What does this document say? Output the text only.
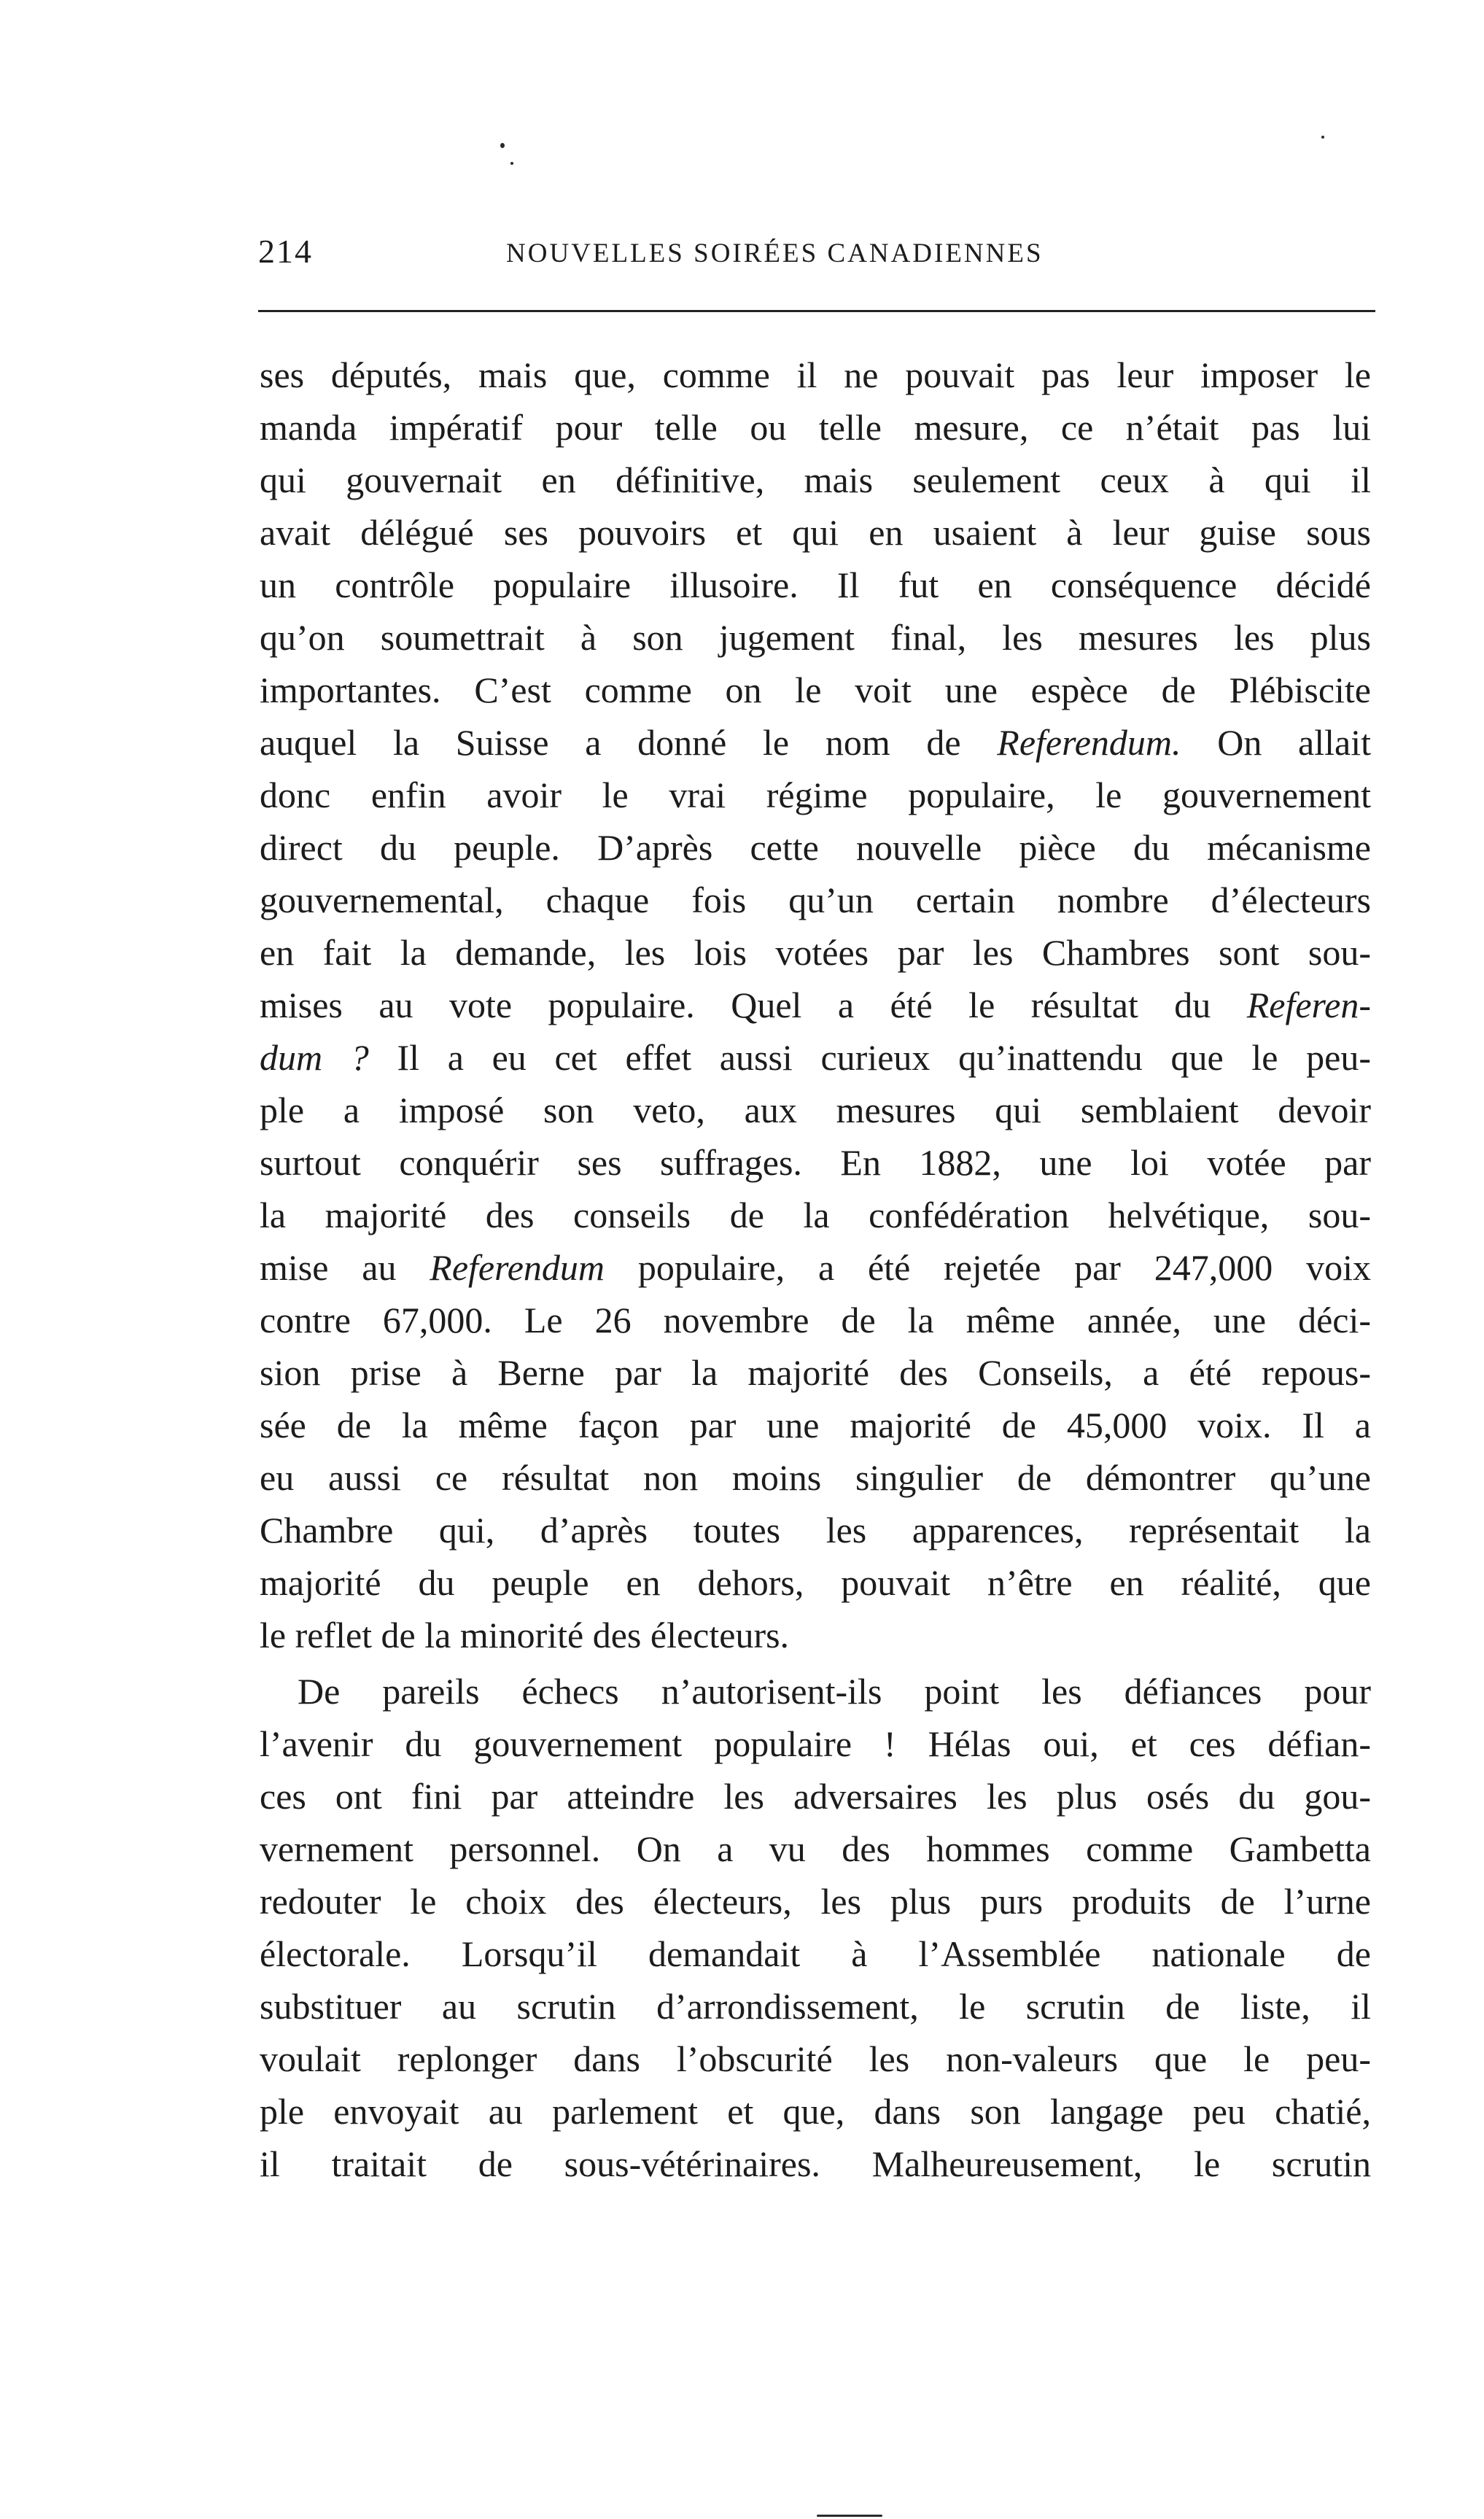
214	NOUVELLES SOIRÉES CANADIENNES
ses députés, mais que, comme il ne pouvait pas leur imposer le
manda impératif pour telle ou telle mesure, ce n’était pas lui
qui gouvernait en définitive, mais seulement ceux à qui il
avait délégué ses pouvoirs et qui en usaient à leur guise sous
un contrôle populaire illusoire. Il fut en conséquence décidé
qu’on soumettrait à son jugement final, les mesures les plus
importantes. C’est comme on le voit une espèce de Plébiscite
auquel la Suisse a donné le nom de Referendum. On allait
donc enfin avoir le vrai régime populaire, le gouvernement
direct du peuple. D’après cette nouvelle pièce du mécanisme
gouvernemental, chaque fois qu’un certain nombre d’électeurs
en fait la demande, les lois votées par les Chambres sont sou-
mises au vote populaire. Quel a été le résultat du Referen-
dum ? Il a eu cet effet aussi curieux qu’inattendu que le peu-
ple a imposé son veto, aux mesures qui semblaient devoir
surtout conquérir ses suffrages. En 1882, une loi votée par
la majorité des conseils de la confédération helvétique, sou-
mise au Referendum populaire, a été rejetée par 247,000 voix
contre 67,000. Le 26 novembre de la même année, une déci-
sion prise à Berne par la majorité des Conseils, a été repous-
sée de la même façon par une majorité de 45,000 voix. Il a
eu aussi ce résultat non moins singulier de démontrer qu’une
Chambre qui, d’après toutes les apparences, représentait la
majorité du peuple en dehors, pouvait n’être en réalité, que
le reflet de la minorité des électeurs.
De pareils échecs n’autorisent-ils point les défiances pour
l’avenir du gouvernement populaire ! Hélas oui, et ces défian-
ces ont fini par atteindre les adversaires les plus osés du gou-
vernement personnel. On a vu des hommes comme Gambetta
redouter le choix des électeurs, les plus purs produits de l’urne
électorale. Lorsqu’il demandait à l’Assemblée nationale de
substituer au scrutin d’arrondissement, le scrutin de liste, il
voulait replonger dans l’obscurité les non-valeurs que le peu-
ple envoyait au parlement et que, dans son langage peu chatié,
il traitait de sous-vétérinaires. Malheureusement, le scrutin
